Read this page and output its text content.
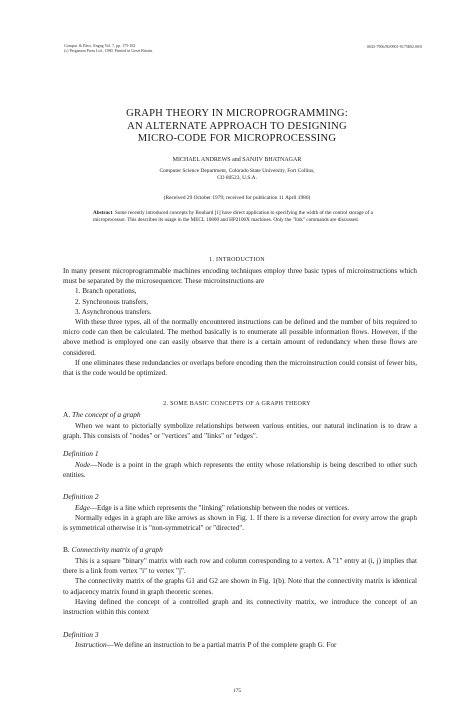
Comput. & Elect. Engng Vol. 7, pp. 175-182
(c) Pergamon Press Ltd., 1980. Printed in Great Britain.
0045-7906/80/0901-0175$02.00/0
GRAPH THEORY IN MICROPROGRAMMING:
AN ALTERNATE APPROACH TO DESIGNING
MICRO-CODE FOR MICROPROCESSING
MICHAEL ANDREWS and SANJIV BHATNAGAR
Computer Science Department, Colorado State University, Fort Collins,
CO 80523, U.S.A.
(Received 29 October 1979; received for publication 11 April 1980)
Abstract Some recently introduced concepts by Bouhard [1] have direct application to specifying the width of the control storage of a microprocessor. This describes its usage in the MECL 10800 and HP2100X machines. Only the "link" commands are discussed.
1. INTRODUCTION

In many present microprogrammable machines encoding techniques employ three basic types of microinstructions which must be separated by the microsequencer. These microinstructions are

1. Branch operations,

2. Synchronous transfers,

3. Asynchronous transfers.

With these three types, all of the normally encountered instructions can be defined and the number of bits required to micro code can then be calculated. The method basically is to enumerate all possible information flows. However, if the above method is employed one can easily observe that there is a certain amount of redundancy when these flows are considered.

If one eliminates these redundancies or overlaps before encoding then the microinstruction could consist of fewer bits, that is the code would be optimized.

2. SOME BASIC CONCEPTS OF A GRAPH THEORY
A. The concept of a graph
When we want to pictorially symbolize relationships between various entities, our natural inclination is to draw a graph. This consists of "nodes" or "vertices" and "links" or "edges".
Definition 1
Node—Node is a point in the graph which represents the entity whose relationship is being described to other such entities.
Definition 2

Edge—Edge is a line which represents the "linking" relationship between the nodes or vertices.

Normally edges in a graph are like arrows as shown in Fig. 1. If there is a reverse direction for every arrow the graph is symmetrical otherwise it is "non-symmetrical" or "directed".

B. Connectivity matrix of a graph

This is a square "binary" matrix with each row and column corresponding to a vertex. A "1" entry at (i, j) implies that there is a link from vertex "i" to vertex "j".

The connectivity matrix of the graphs G1 and G2 are shown in Fig. 1(b). Note that the connectivity matrix is identical to adjacency matrix found in graph theoretic scenes.

Having defined the concept of a controlled graph and its connectivity matrix, we introduce the concept of an instruction within this context

Definition 3
Instruction—We define an instruction to be a partial matrix P of the complete graph G. For
175
